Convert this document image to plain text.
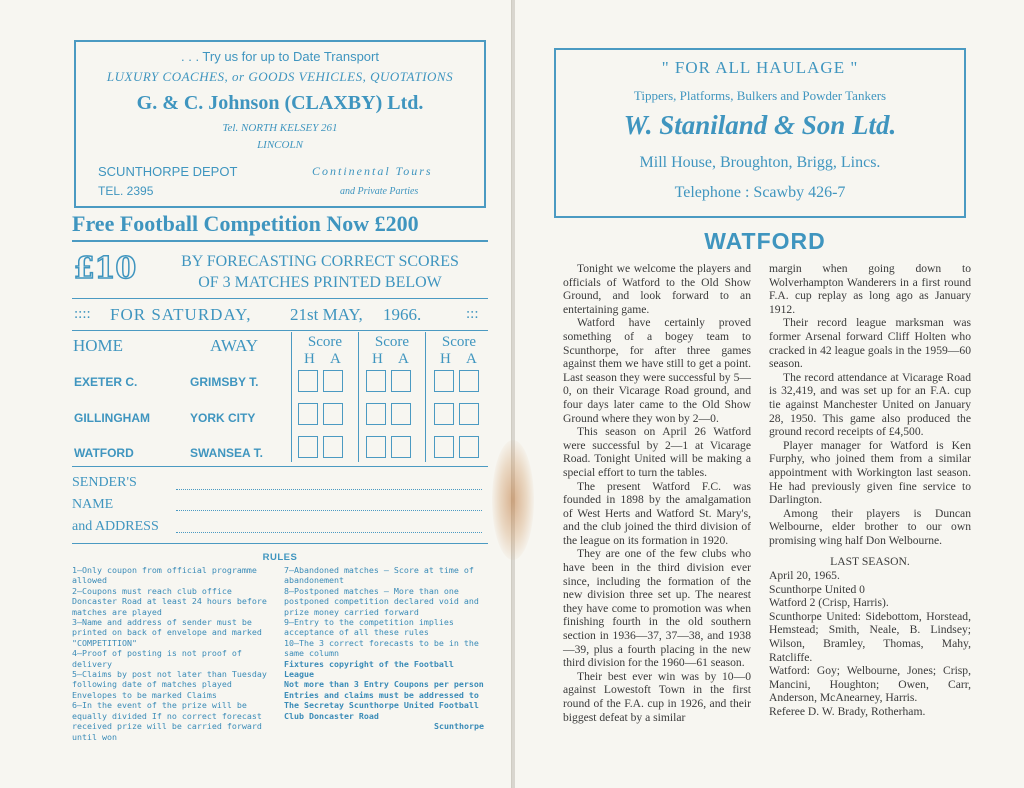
. . . Try us for up to Date Transport
LUXURY COACHES, or GOODS VEHICLES, QUOTATIONS
G. & C. Johnson (CLAXBY) Ltd.
Tel. NORTH KELSEY 261
LINCOLN
SCUNTHORPE DEPOT
TEL. 2395
Continental Tours
and Private Parties
Free Football Competition Now £200
£10	BY FORECASTING CORRECT SCORES
OF 3 MATCHES PRINTED BELOW
:::: FOR SATURDAY, 21st MAY, 1966.	:::
HOME	AWAY	Score	Score	Score
H A H A H A
EXETER C.	GRIMSBY T.
GILLINGHAM	YORK CITY
WATFORD	SWANSEA T.
SENDER'S
NAME
and ADDRESS
RULES

1—Only coupon from official programme allowed

2—Coupons must reach club office Doncaster Road at least 24 hours before matches are played

3—Name and address of sender must be printed on back of envelope and marked "COMPETITION"

4—Proof of posting is not proof of delivery

5—Claims by post not later than Tuesday following date of matches played Envelopes to be marked Claims

6—In the event of the prize will be equally divided If no correct forecast received prize will be carried forward until won

7—Abandoned matches — Score at time of abandonement

8—Postponed matches — More than one postponed competition declared void and prize money carried forward

9—Entry to the competition implies acceptance of all these rules

10—The 3 correct forecasts to be in the same column

Fixtures copyright of the Football League

Not more than 3 Entry Coupons per person

Entries and claims must be addressed to The Secretay Scunthorpe United Football Club Doncaster Road

Scunthorpe

" FOR ALL HAULAGE "
Tippers, Platforms, Bulkers and Powder Tankers
W. Staniland & Son Ltd.
Mill House, Broughton, Brigg, Lincs.
Telephone : Scawby 426-7
WATFORD

Tonight we welcome the players and officials of Watford to the Old Show Ground, and look forward to an entertaining game.

Watford have certainly proved something of a bogey team to Scunthorpe, for after three games against them we have still to get a point. Last season they were successful by 5—0, on their Vicarage Road ground, and four days later came to the Old Show Ground where they won by 2—0.

This season on April 26 Watford were successful by 2—1 at Vicarage Road. Tonight United will be making a special effort to turn the tables.

The present Watford F.C. was founded in 1898 by the amalgamation of West Herts and Watford St. Mary's, and the club joined the third division of the league on its formation in 1920.

They are one of the few clubs who have been in the third division ever since, including the formation of the new division three set up. The nearest they have come to promotion was when finishing fourth in the old southern section in 1936—37, 37—38, and 1938—39, plus a fourth placing in the new third division for the 1960—61 season.

Their best ever win was by 10—0 against Lowestoft Town in the first round of the F.A. cup in 1926, and their biggest defeat by a similar

margin when going down to Wolverhampton Wanderers in a first round F.A. cup replay as long ago as January 1912.

Their record league marksman was former Arsenal forward Cliff Holten who cracked in 42 league goals in the 1959—60 season.

The record attendance at Vicarage Road is 32,419, and was set up for an F.A. cup tie against Manchester United on January 28, 1950. This game also produced the ground record receipts of £4,500.

Player manager for Watford is Ken Furphy, who joined them from a similar appointment with Workington last season. He had previously given fine service to Darlington.

Among their players is Duncan Welbourne, elder brother to our own promising wing half Don Welbourne.

LAST SEASON.

April 20, 1965.

Scunthorpe United 0

Watford 2 (Crisp, Harris).

Scunthorpe United: Sidebottom, Horstead, Hemstead; Smith, Neale, B. Lindsey; Wilson, Bramley, Thomas, Mahy, Ratcliffe.

Watford: Goy; Welbourne, Jones; Crisp, Mancini, Houghton; Owen, Carr, Anderson, McAnearney, Harris.

Referee D. W. Brady, Rotherham.
